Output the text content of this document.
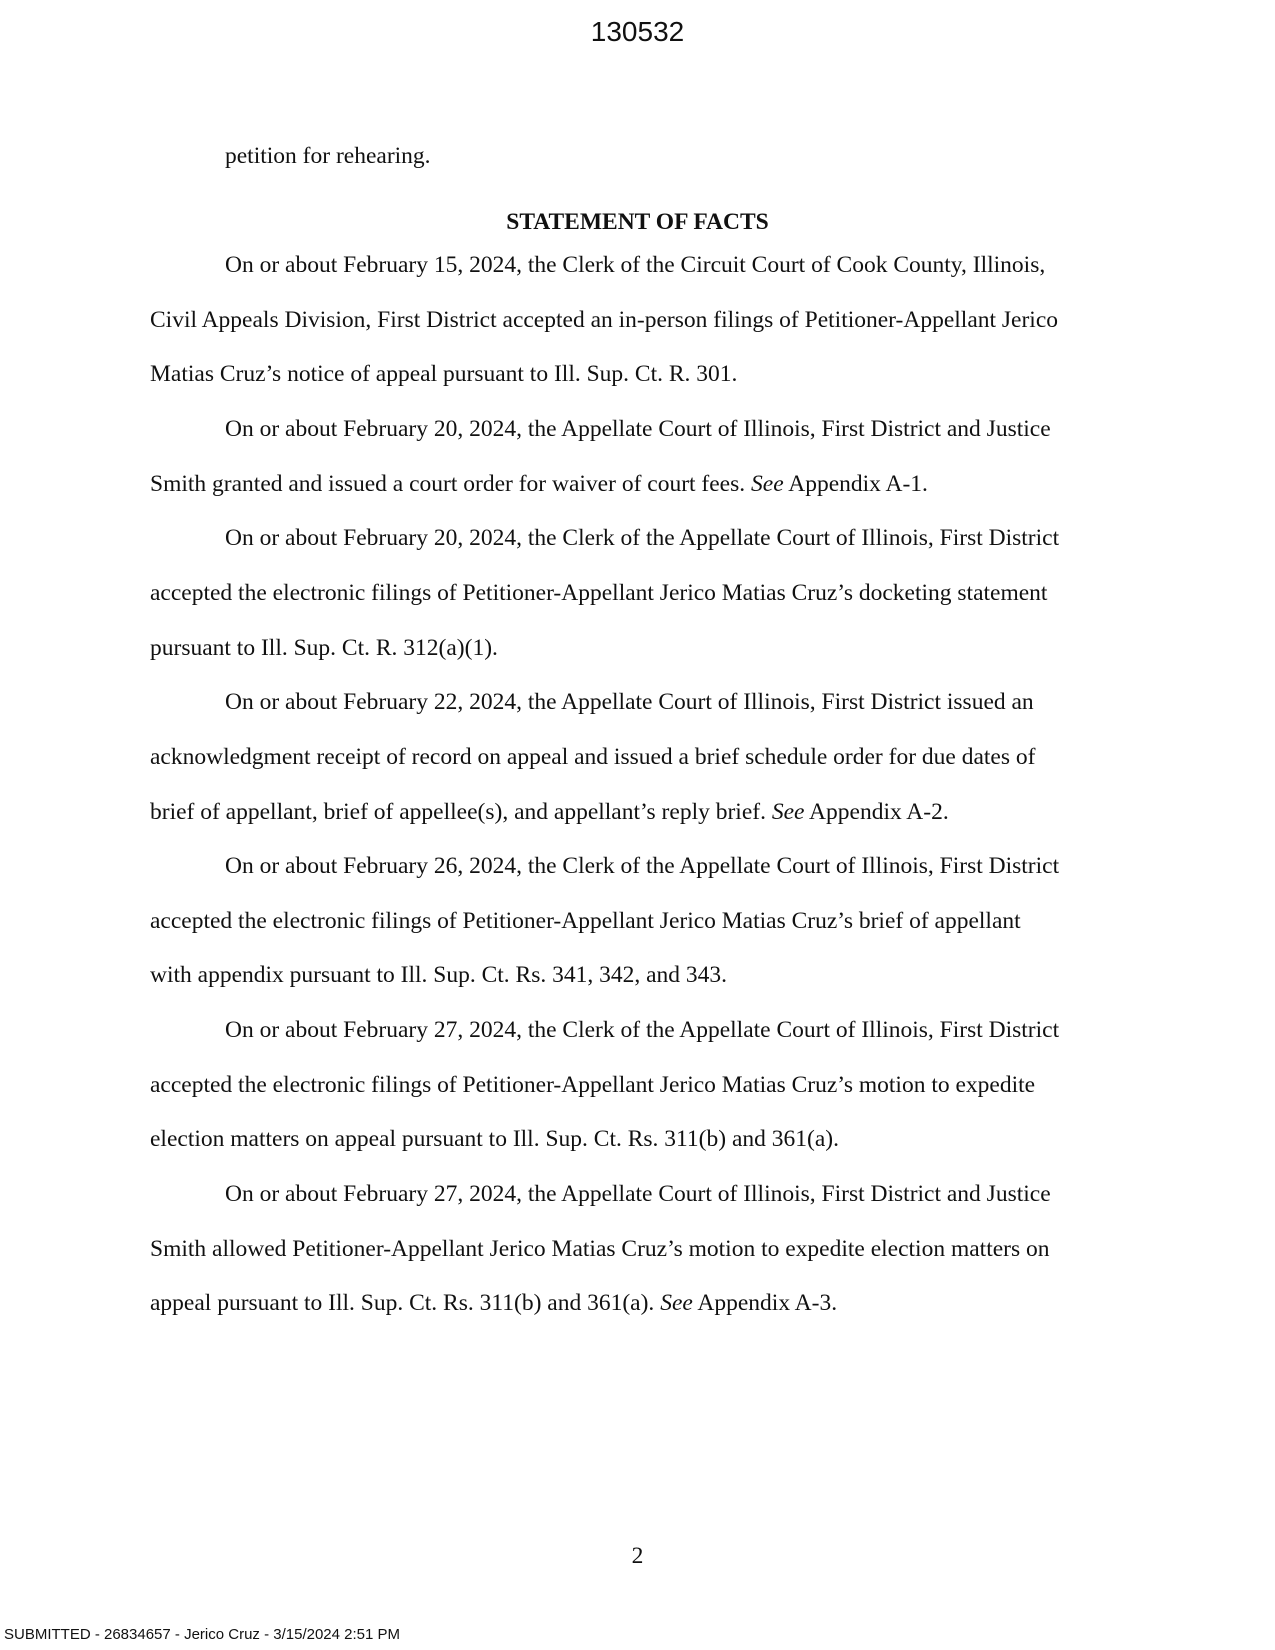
130532
petition for rehearing.
STATEMENT OF FACTS
On or about February 15, 2024, the Clerk of the Circuit Court of Cook County, Illinois,
Civil Appeals Division, First District accepted an in-person filings of Petitioner-Appellant Jerico
Matias Cruz’s notice of appeal pursuant to Ill. Sup. Ct. R. 301.
On or about February 20, 2024, the Appellate Court of Illinois, First District and Justice
Smith granted and issued a court order for waiver of court fees. See Appendix A-1.
On or about February 20, 2024, the Clerk of the Appellate Court of Illinois, First District
accepted the electronic filings of Petitioner-Appellant Jerico Matias Cruz’s docketing statement
pursuant to Ill. Sup. Ct. R. 312(a)(1).
On or about February 22, 2024, the Appellate Court of Illinois, First District issued an
acknowledgment receipt of record on appeal and issued a brief schedule order for due dates of
brief of appellant, brief of appellee(s), and appellant’s reply brief. See Appendix A-2.
On or about February 26, 2024, the Clerk of the Appellate Court of Illinois, First District
accepted the electronic filings of Petitioner-Appellant Jerico Matias Cruz’s brief of appellant
with appendix pursuant to Ill. Sup. Ct. Rs. 341, 342, and 343.
On or about February 27, 2024, the Clerk of the Appellate Court of Illinois, First District
accepted the electronic filings of Petitioner-Appellant Jerico Matias Cruz’s motion to expedite
election matters on appeal pursuant to Ill. Sup. Ct. Rs. 311(b) and 361(a).
On or about February 27, 2024, the Appellate Court of Illinois, First District and Justice
Smith allowed Petitioner-Appellant Jerico Matias Cruz’s motion to expedite election matters on
appeal pursuant to Ill. Sup. Ct. Rs. 311(b) and 361(a). See Appendix A-3.
2
SUBMITTED - 26834657 - Jerico Cruz - 3/15/2024 2:51 PM
